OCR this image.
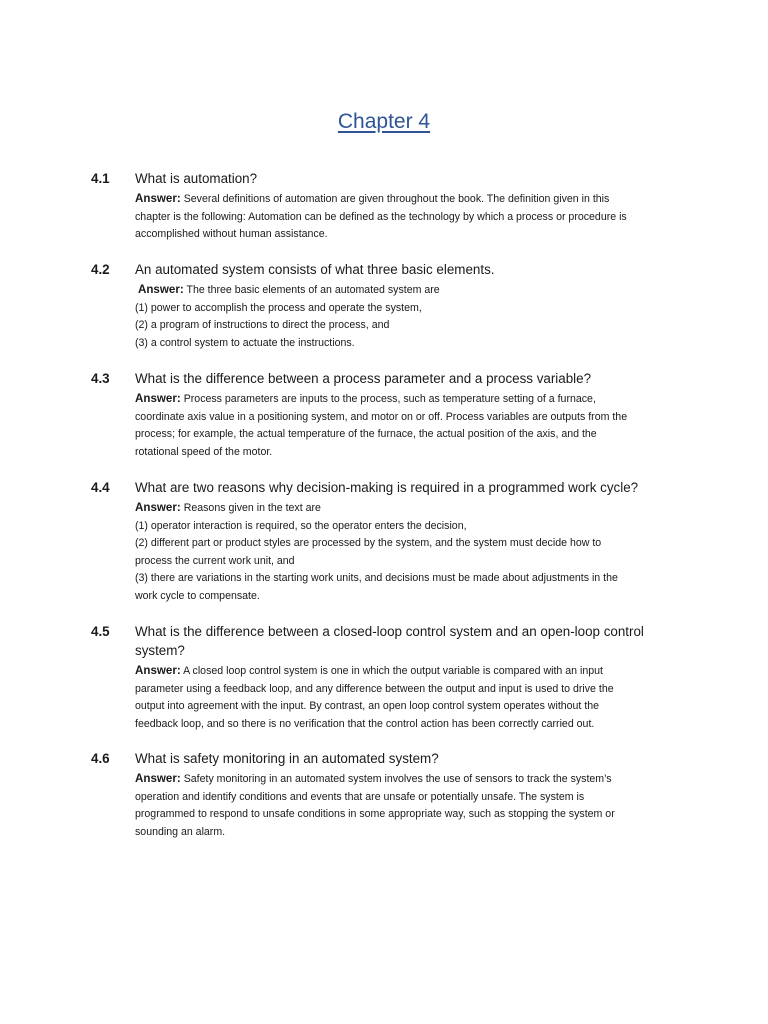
Chapter 4

4.1 What is automation?

Answer: Several definitions of automation are given throughout the book. The definition given in this
chapter is the following: Automation can be defined as the technology by which a process or procedure is
accomplished without human assistance.

4.2 An automated system consists of what three basic elements.

Answer: The three basic elements of an automated system are
(1) power to accomplish the process and operate the system,
(2) a program of instructions to direct the process, and
(3) a control system to actuate the instructions.

4.3 What is the difference between a process parameter and a process variable?

Answer: Process parameters are inputs to the process, such as temperature setting of a furnace,
coordinate axis value in a positioning system, and motor on or off. Process variables are outputs from the
process; for example, the actual temperature of the furnace, the actual position of the axis, and the
rotational speed of the motor.

4.4 What are two reasons why decision-making is required in a programmed work cycle?

Answer: Reasons given in the text are
(1) operator interaction is required, so the operator enters the decision,
(2) different part or product styles are processed by the system, and the system must decide how to
process the current work unit, and
(3) there are variations in the starting work units, and decisions must be made about adjustments in the
work cycle to compensate.

4.5 What is the difference between a closed-loop control system and an open-loop control system?

Answer: A closed loop control system is one in which the output variable is compared with an input
parameter using a feedback loop, and any difference between the output and input is used to drive the
output into agreement with the input. By contrast, an open loop control system operates without the
feedback loop, and so there is no verification that the control action has been correctly carried out.

4.6 What is safety monitoring in an automated system?

Answer: Safety monitoring in an automated system involves the use of sensors to track the system’s
operation and identify conditions and events that are unsafe or potentially unsafe. The system is
programmed to respond to unsafe conditions in some appropriate way, such as stopping the system or
sounding an alarm.
